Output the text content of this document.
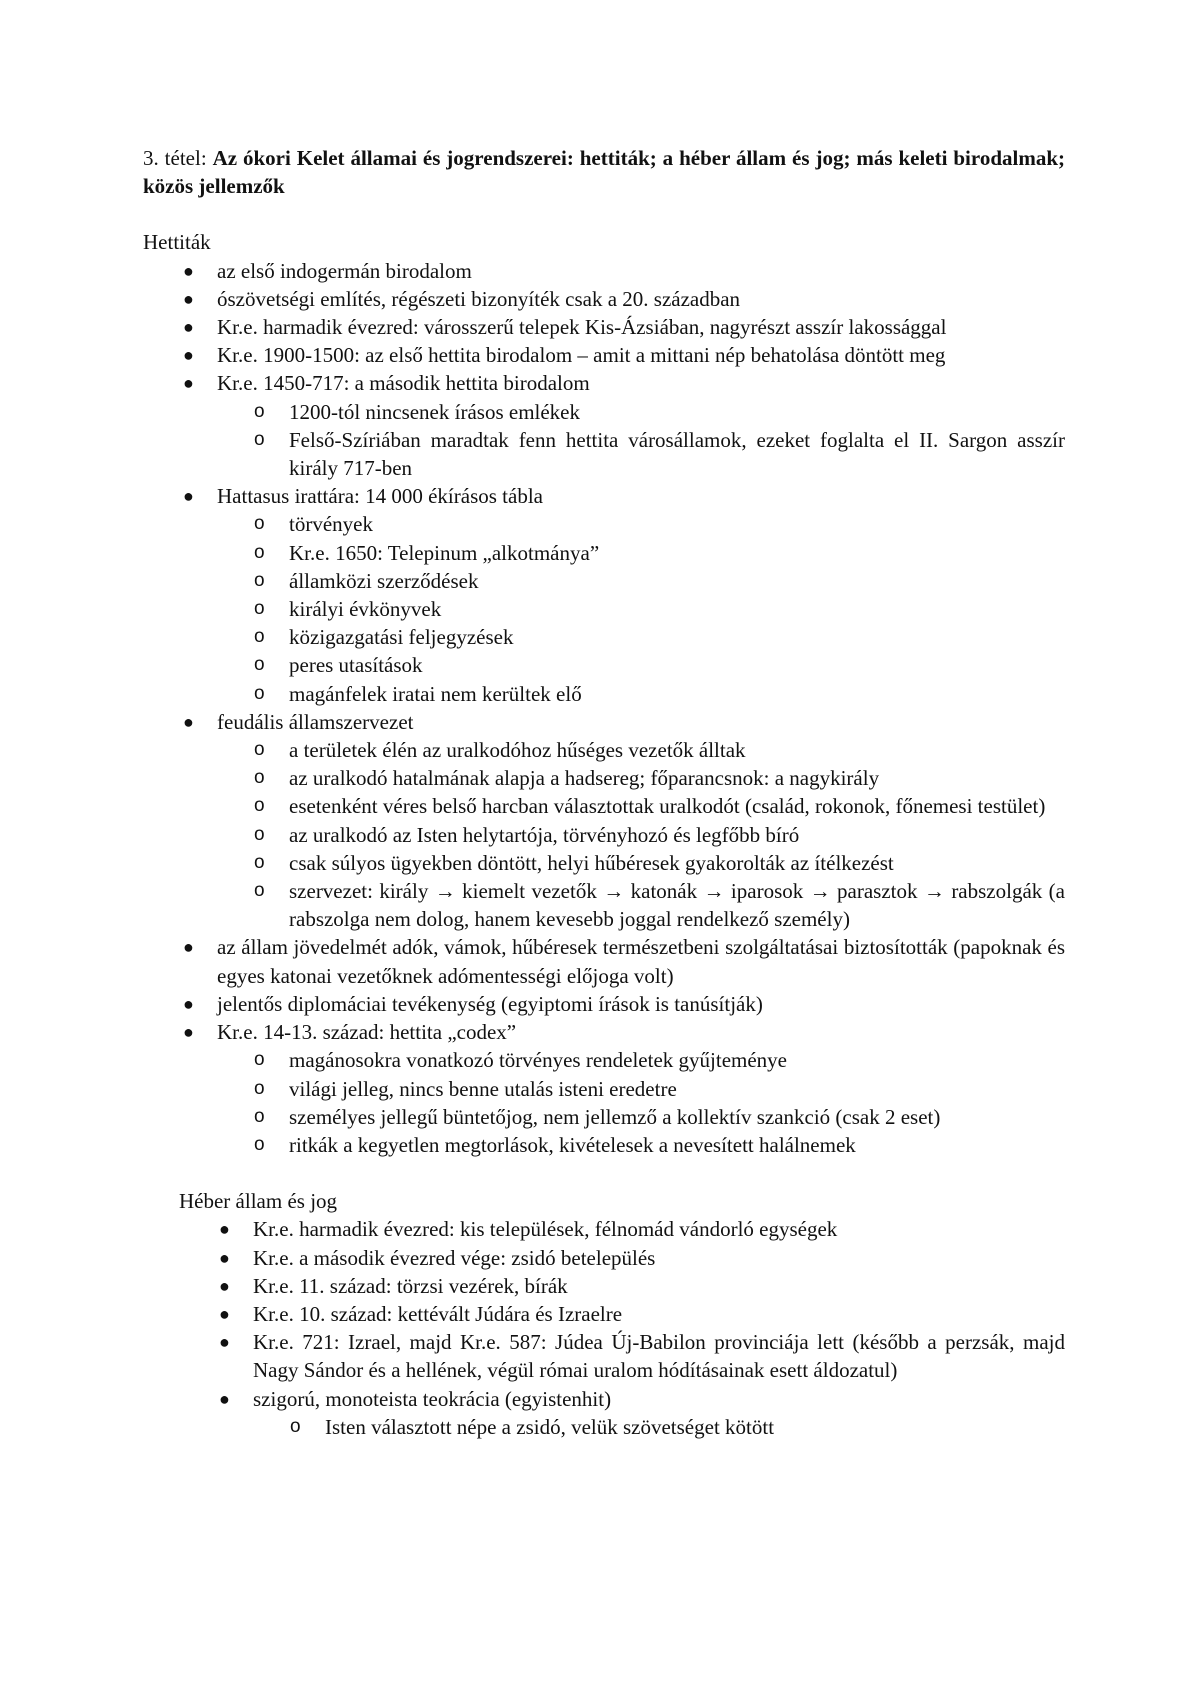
3. tétel: Az ókori Kelet államai és jogrendszerei: hettiták; a héber állam és jog; más keleti birodalmak; közös jellemzők

Hettiták
● az első indogermán birodalom
● ószövetségi említés, régészeti bizonyíték csak a 20. században
● Kr.e. harmadik évezred: városszerű telepek Kis-Ázsiában, nagyrészt asszír lakossággal
● Kr.e. 1900-1500: az első hettita birodalom – amit a mittani nép behatolása döntött meg
● Kr.e. 1450-717: a második hettita birodalom
o 1200-tól nincsenek írásos emlékek
o Felső-Szíriában maradtak fenn hettita városállamok, ezeket foglalta el II. Sargon asszír király 717-ben
● Hattasus irattára: 14 000 ékírásos tábla
o törvények
o Kr.e. 1650: Telepinum „alkotmánya”
o államközi szerződések
o királyi évkönyvek
o közigazgatási feljegyzések
o peres utasítások
o magánfelek iratai nem kerültek elő
● feudális államszervezet
o a területek élén az uralkodóhoz hűséges vezetők álltak
o az uralkodó hatalmának alapja a hadsereg; főparancsnok: a nagykirály
o esetenként véres belső harcban választottak uralkodót (család, rokonok, főnemesi testület)
o az uralkodó az Isten helytartója, törvényhozó és legfőbb bíró
o csak súlyos ügyekben döntött, helyi hűbéresek gyakorolták az ítélkezést
o szervezet: király → kiemelt vezetők → katonák → iparosok → parasztok → rabszolgák (a rabszolga nem dolog, hanem kevesebb joggal rendelkező személy)
● az állam jövedelmét adók, vámok, hűbéresek természetbeni szolgáltatásai biztosították (papoknak és egyes katonai vezetőknek adómentességi előjoga volt)
● jelentős diplomáciai tevékenység (egyiptomi írások is tanúsítják)
● Kr.e. 14-13. század: hettita „codex”
o magánosokra vonatkozó törvényes rendeletek gyűjteménye
o világi jelleg, nincs benne utalás isteni eredetre
o személyes jellegű büntetőjog, nem jellemző a kollektív szankció (csak 2 eset)
o ritkák a kegyetlen megtorlások, kivételesek a nevesített halálnemek
Héber állam és jog
● Kr.e. harmadik évezred: kis települések, félnomád vándorló egységek
● Kr.e. a második évezred vége: zsidó betelepülés
● Kr.e. 11. század: törzsi vezérek, bírák
● Kr.e. 10. század: kettévált Júdára és Izraelre
● Kr.e. 721: Izrael, majd Kr.e. 587: Júdea Új-Babilon provinciája lett (később a perzsák, majd Nagy Sándor és a hellének, végül római uralom hódításainak esett áldozatul)
● szigorú, monoteista teokrácia (egyistenhit)
o Isten választott népe a zsidó, velük szövetséget kötött
